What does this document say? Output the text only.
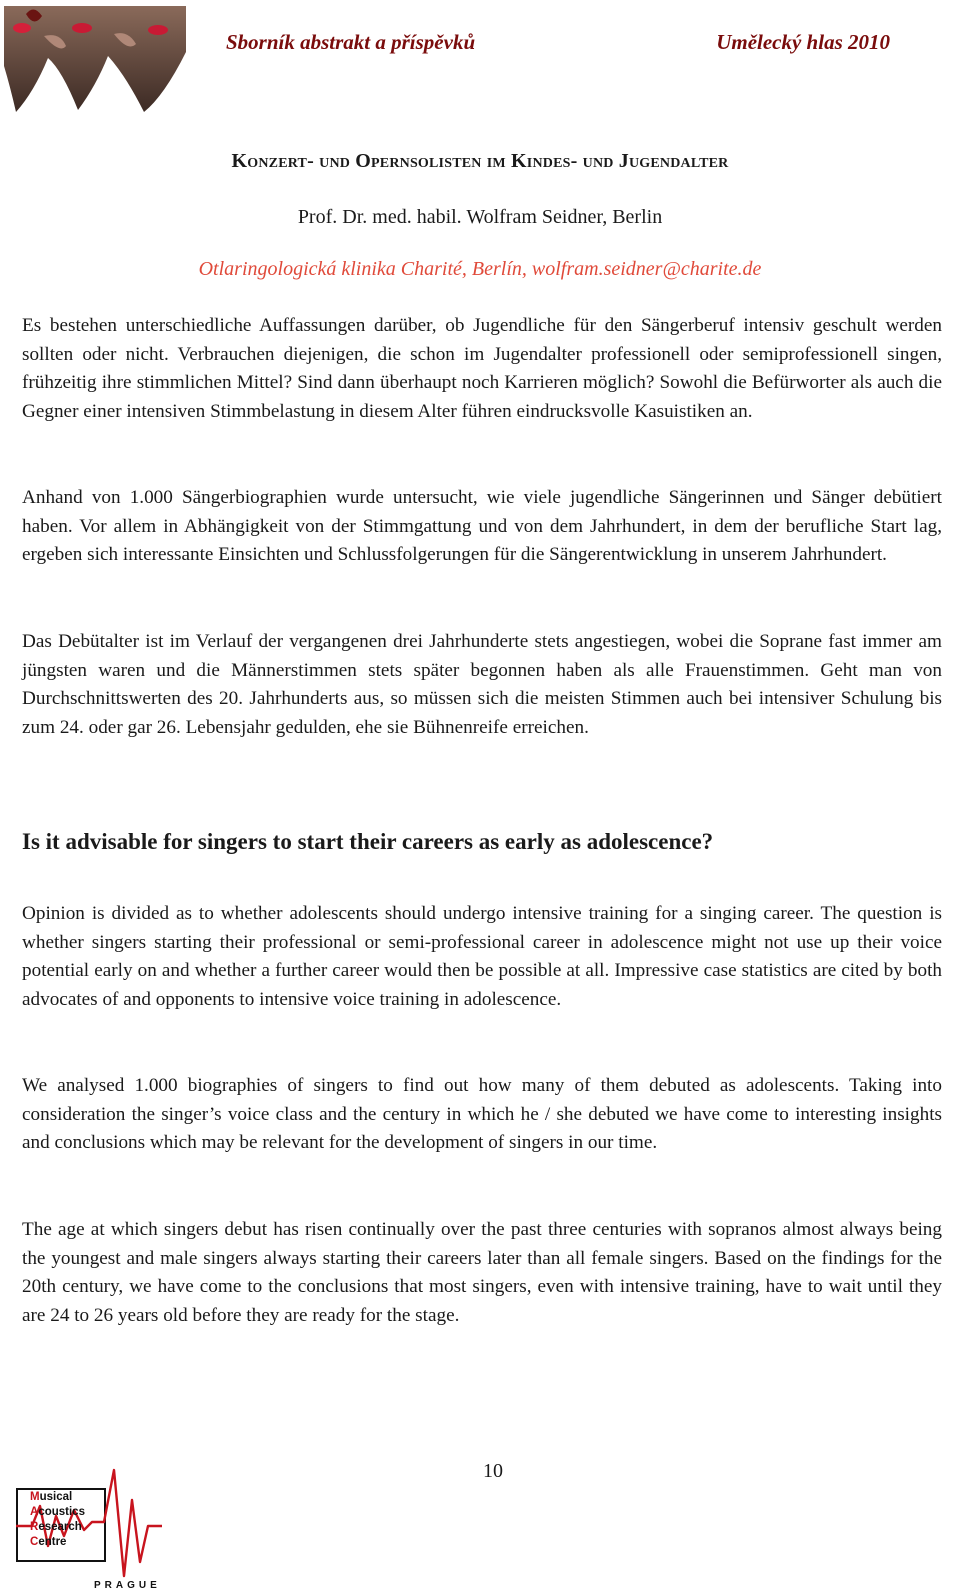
Sborník abstrakt a příspěvků	Umělecký hlas 2010
Konzert- und Opernsolisten im Kindes- und Jugendalter
Prof. Dr. med. habil. Wolfram Seidner, Berlin
Otlaringologická klinika Charité, Berlín, wolfram.seidner@charite.de

Es bestehen unterschiedliche Auffassungen darüber, ob Jugendliche für den Sängerberuf intensiv geschult werden sollten oder nicht. Verbrauchen diejenigen, die schon im Jugendalter professionell oder semiprofessionell singen, frühzeitig ihre stimmlichen Mittel? Sind dann überhaupt noch Karrieren möglich? Sowohl die Befürworter als auch die Gegner einer intensiven Stimmbelastung in diesem Alter führen eindrucksvolle Kasuistiken an.

Anhand von 1.000 Sängerbiographien wurde untersucht, wie viele jugendliche Sängerinnen und Sänger debütiert haben. Vor allem in Abhängigkeit von der Stimmgattung und von dem Jahrhundert, in dem der berufliche Start lag, ergeben sich interessante Einsichten und Schlussfolgerungen für die Sängerentwicklung in unserem Jahrhundert.

Das Debütalter ist im Verlauf der vergangenen drei Jahrhunderte stets angestiegen, wobei die Soprane fast immer am jüngsten waren und die Männerstimmen stets später begonnen haben als alle Frauenstimmen. Geht man von Durchschnittswerten des 20. Jahrhunderts aus, so müssen sich die meisten Stimmen auch bei intensiver Schulung bis zum 24. oder gar 26. Lebensjahr gedulden, ehe sie Bühnenreife erreichen.

Is it advisable for singers to start their careers as early as adolescence?

Opinion is divided as to whether adolescents should undergo intensive training for a singing career. The question is whether singers starting their professional or semi-professional career in adolescence might not use up their voice potential early on and whether a further career would then be possible at all. Impressive case statistics are cited by both advocates of and opponents to intensive voice training in adolescence.

We analysed 1.000 biographies of singers to find out how many of them debuted as adolescents. Taking into consideration the singer’s voice class and the century in which he / she debuted we have come to interesting insights and conclusions which may be relevant for the development of singers in our time.

The age at which singers debut has risen continually over the past three centuries with sopranos almost always being the youngest and male singers always starting their careers later than all female singers. Based on the findings for the 20th century, we have come to the conclusions that most singers, even with intensive training, have to wait until they are 24 to 26 years old before they are ready for the stage.

10
Musical
Acoustics
Research
Centre
PRAGUE
